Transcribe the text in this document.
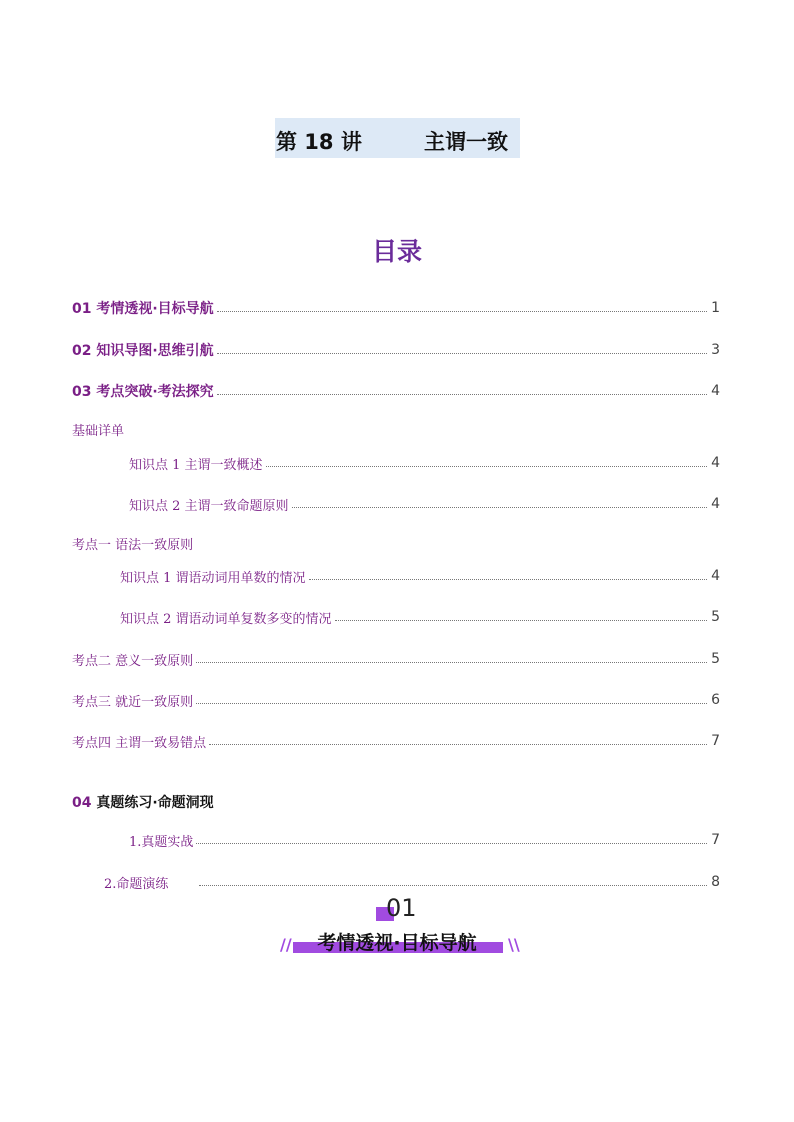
第 18 讲	主谓一致
目录
01 考情透视·目标导航	1
02 知识导图·思维引航	3
03 考点突破·考法探究	4
基础详单
知识点 1 主谓一致概述	4
知识点 2 主谓一致命题原则	4
考点一 语法一致原则
知识点 1 谓语动词用单数的情况	4
知识点 2 谓语动词单复数多变的情况	5
考点二 意义一致原则	5
考点三 就近一致原则	6
考点四 主谓一致易错点	7
04 真题练习·命题洞现
1.真题实战	7
2.命题演练	8
01
考情透视·目标导航
//	\\
